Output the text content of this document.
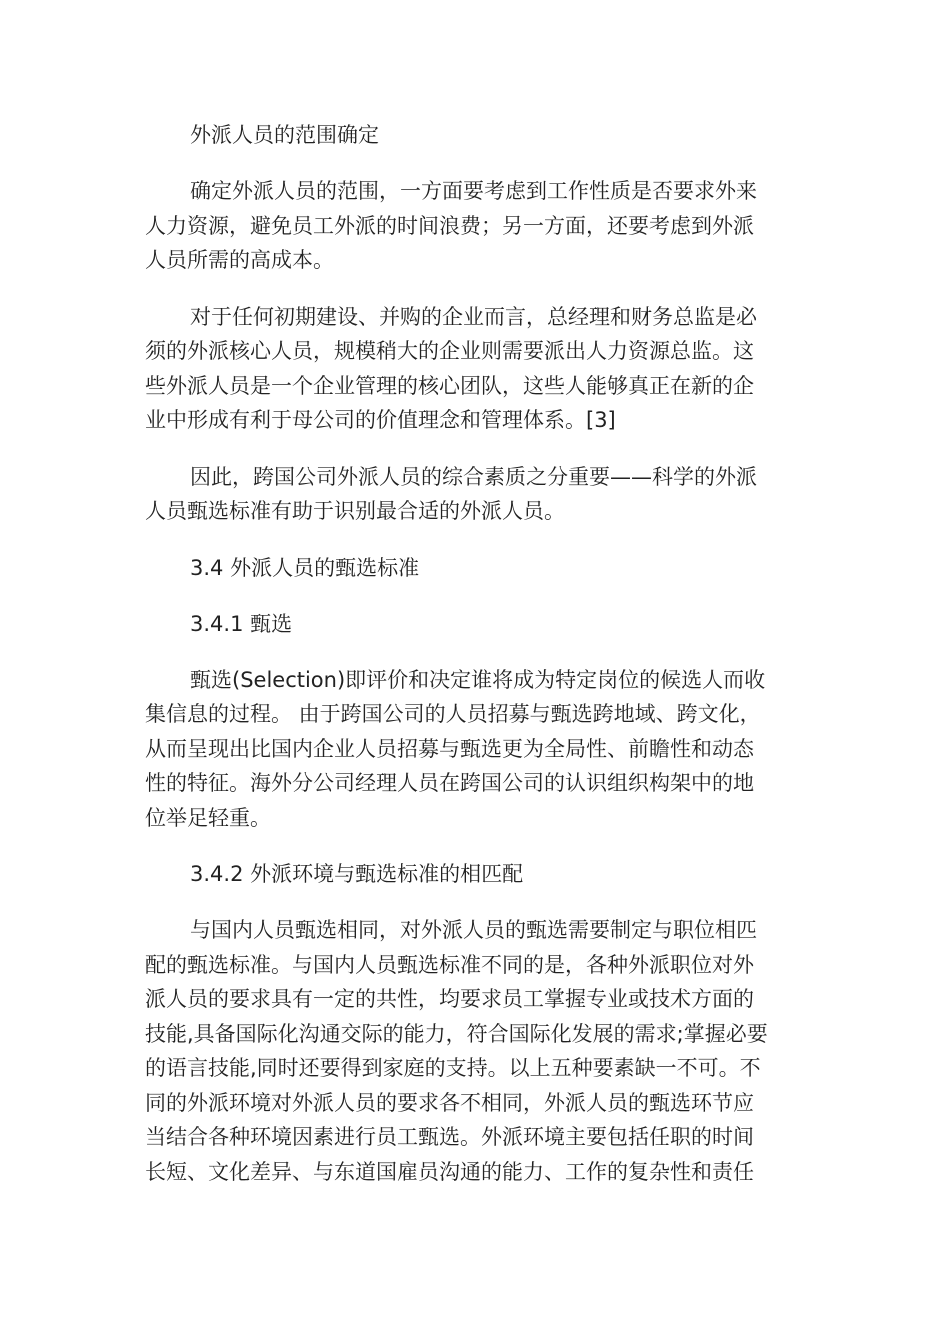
外派人员的范围确定

确定外派人员的范围，一方面要考虑到工作性质是否要求外来
人力资源，避免员工外派的时间浪费；另一方面，还要考虑到外派
人员所需的高成本。
对于任何初期建设、并购的企业而言，总经理和财务总监是必
须的外派核心人员，规模稍大的企业则需要派出人力资源总监。这
些外派人员是一个企业管理的核心团队，这些人能够真正在新的企
业中形成有利于母公司的价值理念和管理体系。[3]
因此，跨国公司外派人员的综合素质之分重要——科学的外派
人员甄选标准有助于识别最合适的外派人员。

3.4 外派人员的甄选标准

3.4.1 甄选

甄选(Selection)即评价和决定谁将成为特定岗位的候选人而收
集信息的过程。 由于跨国公司的人员招募与甄选跨地域、跨文化，
从而呈现出比国内企业人员招募与甄选更为全局性、前瞻性和动态
性的特征。海外分公司经理人员在跨国公司的认识组织构架中的地
位举足轻重。

3.4.2 外派环境与甄选标准的相匹配

与国内人员甄选相同，对外派人员的甄选需要制定与职位相匹
配的甄选标准。与国内人员甄选标准不同的是，各种外派职位对外
派人员的要求具有一定的共性，均要求员工掌握专业或技术方面的
技能,具备国际化沟通交际的能力，符合国际化发展的需求;掌握必要
的语言技能,同时还要得到家庭的支持。以上五种要素缺一不可。不
同的外派环境对外派人员的要求各不相同，外派人员的甄选环节应
当结合各种环境因素进行员工甄选。外派环境主要包括任职的时间
长短、文化差异、与东道国雇员沟通的能力、工作的复杂性和责任
